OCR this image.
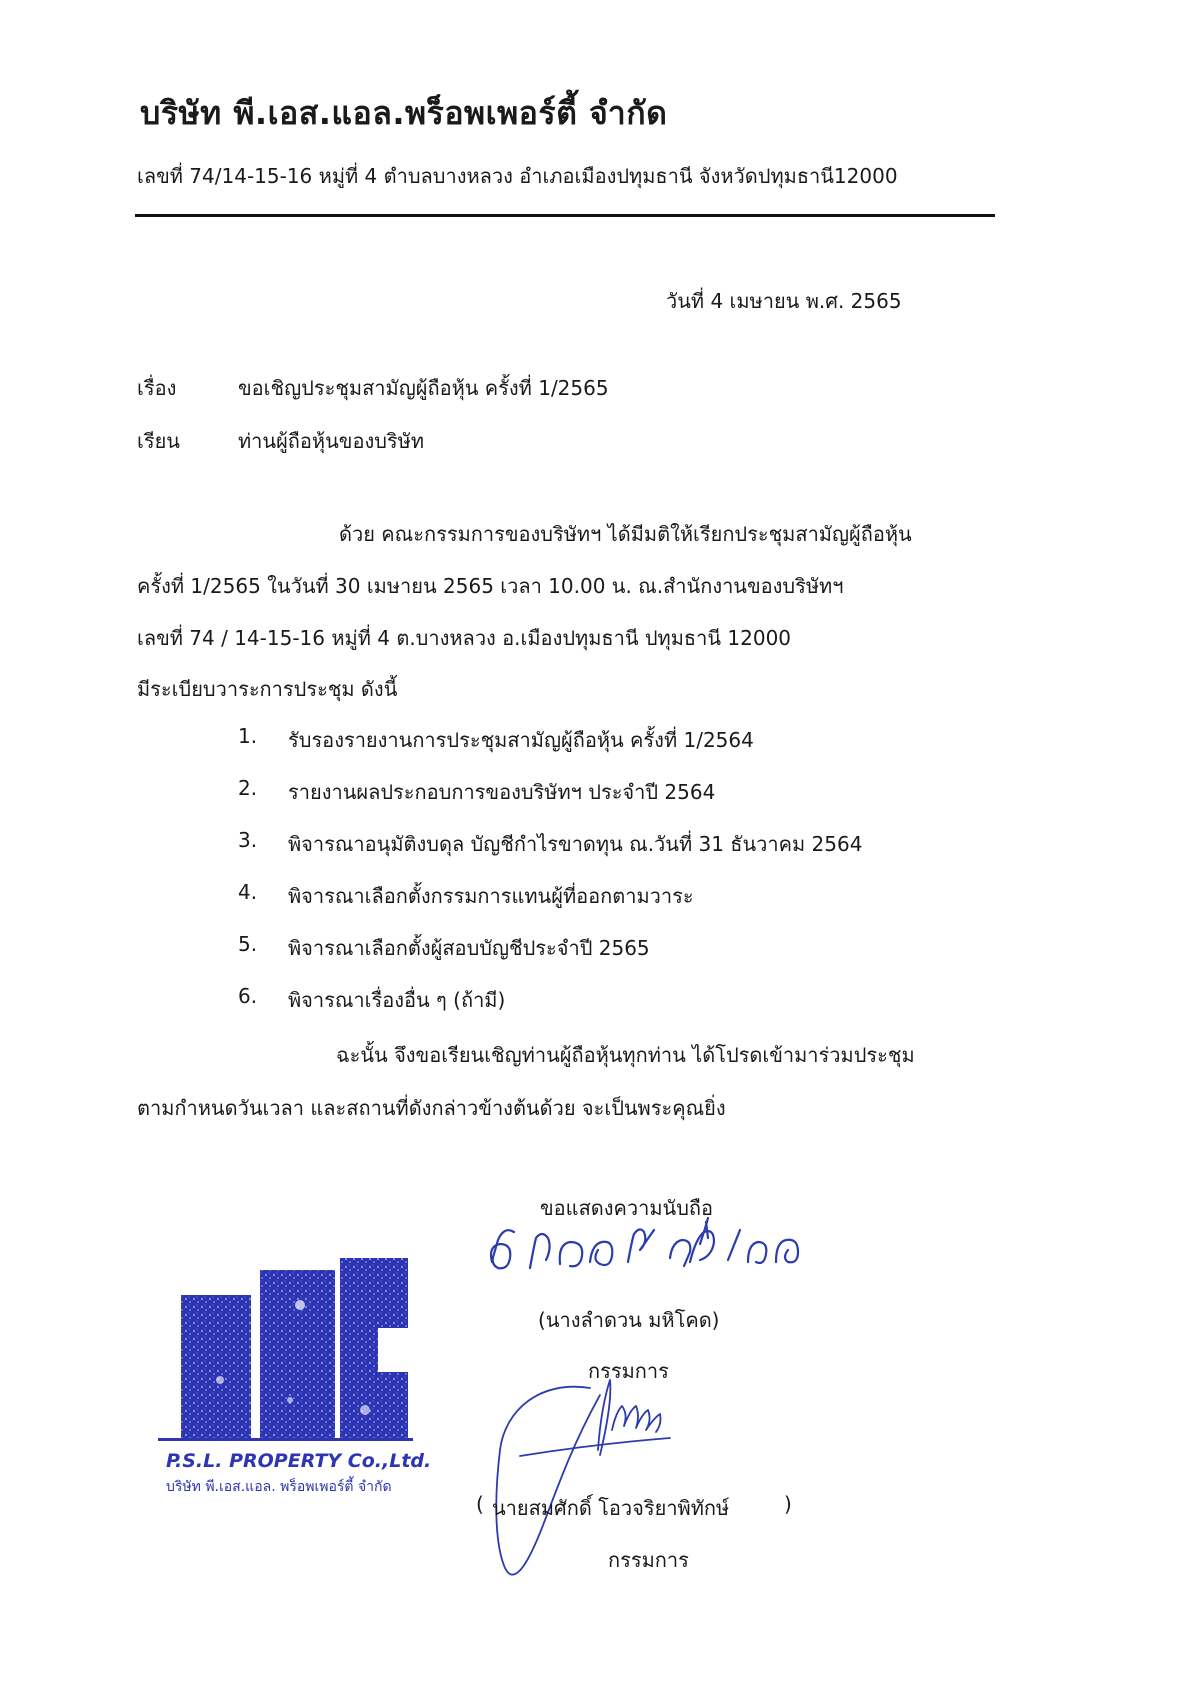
บริษัท พี.เอส.แอล.พร็อพเพอร์ตี้ จำกัด
เลขที่ 74/14-15-16 หมู่ที่ 4 ตำบลบางหลวง อำเภอเมืองปทุมธานี จังหวัดปทุมธานี12000
วันที่ 4 เมษายน พ.ศ. 2565
เรื่อง	ขอเชิญประชุมสามัญผู้ถือหุ้น ครั้งที่ 1/2565
เรียน	ท่านผู้ถือหุ้นของบริษัท
ด้วย คณะกรรมการของบริษัทฯ ได้มีมติให้เรียกประชุมสามัญผู้ถือหุ้น
ครั้งที่ 1/2565 ในวันที่ 30 เมษายน 2565 เวลา 10.00 น. ณ.สำนักงานของบริษัทฯ
เลขที่ 74 / 14-15-16 หมู่ที่ 4 ต.บางหลวง อ.เมืองปทุมธานี ปทุมธานี 12000
มีระเบียบวาระการประชุม ดังนี้
1.	รับรองรายงานการประชุมสามัญผู้ถือหุ้น ครั้งที่ 1/2564
2.	รายงานผลประกอบการของบริษัทฯ ประจำปี 2564
3.	พิจารณาอนุมัติงบดุล บัญชีกำไรขาดทุน ณ.วันที่ 31 ธันวาคม 2564
4.	พิจารณาเลือกตั้งกรรมการแทนผู้ที่ออกตามวาระ
5.	พิจารณาเลือกตั้งผู้สอบบัญชีประจำปี 2565
6.	พิจารณาเรื่องอื่น ๆ (ถ้ามี)
ฉะนั้น จึงขอเรียนเชิญท่านผู้ถือหุ้นทุกท่าน ได้โปรดเข้ามาร่วมประชุม
ตามกำหนดวันเวลา และสถานที่ดังกล่าวข้างต้นด้วย จะเป็นพระคุณยิ่ง
ขอแสดงความนับถือ
(นางลำดวน มหิโคด)
กรรมการ
P.S.L. PROPERTY Co.,Ltd.
บริษัท พี.เอส.แอล. พร็อพเพอร์ตี้ จำกัด
( นายสมศักดิ์ โอวจริยาพิทักษ์	)
กรรมการ
